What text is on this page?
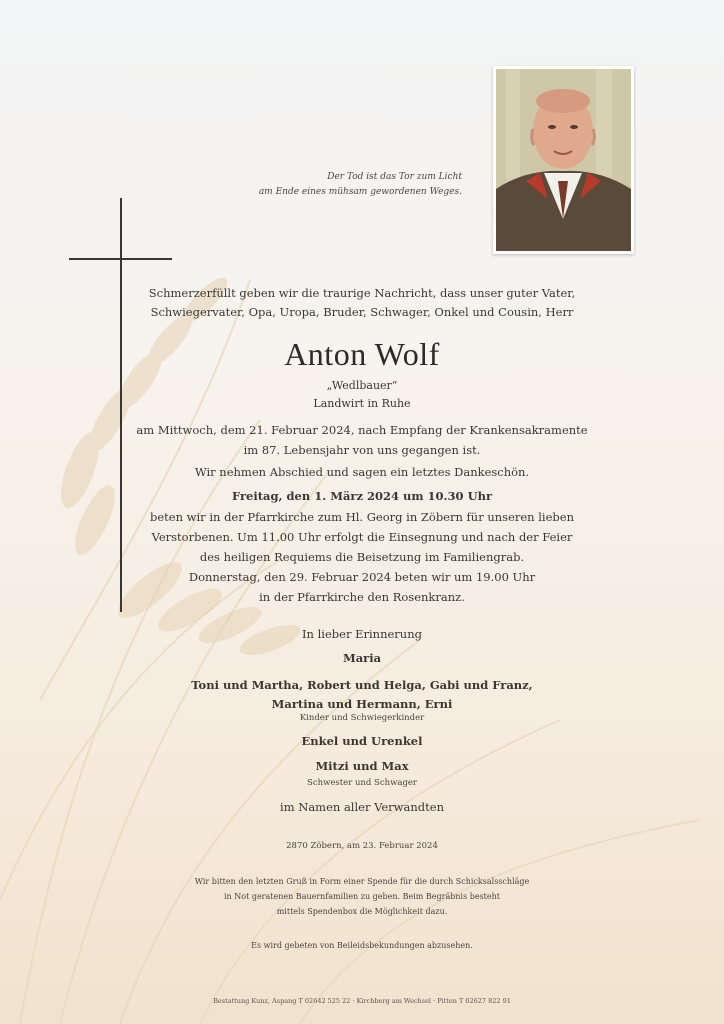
Der Tod ist das Tor zum Licht
am Ende eines mühsam gewordenen Weges.
Schmerzerfüllt geben wir die traurige Nachricht, dass unser guter Vater,
Schwiegervater, Opa, Uropa, Bruder, Schwager, Onkel und Cousin, Herr
Anton Wolf
„Wedlbauer“
Landwirt in Ruhe
am Mittwoch, dem 21. Februar 2024, nach Empfang der Krankensakramente
im 87. Lebensjahr von uns gegangen ist.
Wir nehmen Abschied und sagen ein letztes Dankeschön.
Freitag, den 1. März 2024 um 10.30 Uhr
beten wir in der Pfarrkirche zum Hl. Georg in Zöbern für unseren lieben
Verstorbenen. Um 11.00 Uhr erfolgt die Einsegnung und nach der Feier
des heiligen Requiems die Beisetzung im Familiengrab.
Donnerstag, den 29. Februar 2024 beten wir um 19.00 Uhr
in der Pfarrkirche den Rosenkranz.
In lieber Erinnerung
Maria
Toni und Martha, Robert und Helga, Gabi und Franz,
Martina und Hermann, Erni
Kinder und Schwiegerkinder
Enkel und Urenkel
Mitzi und Max
Schwester und Schwager
im Namen aller Verwandten
2870 Zöbern, am 23. Februar 2024
Wir bitten den letzten Gruß in Form einer Spende für die durch Schicksalsschläge
in Not geratenen Bauernfamilien zu geben. Beim Begräbnis besteht
mittels Spendenbox die Möglichkeit dazu.
Es wird gebeten von Beileidsbekundungen abzusehen.
Bestattung Kunz, Aspang T 02642 525 22 · Kirchberg am Wechsel · Pitten T 02627 822 91
